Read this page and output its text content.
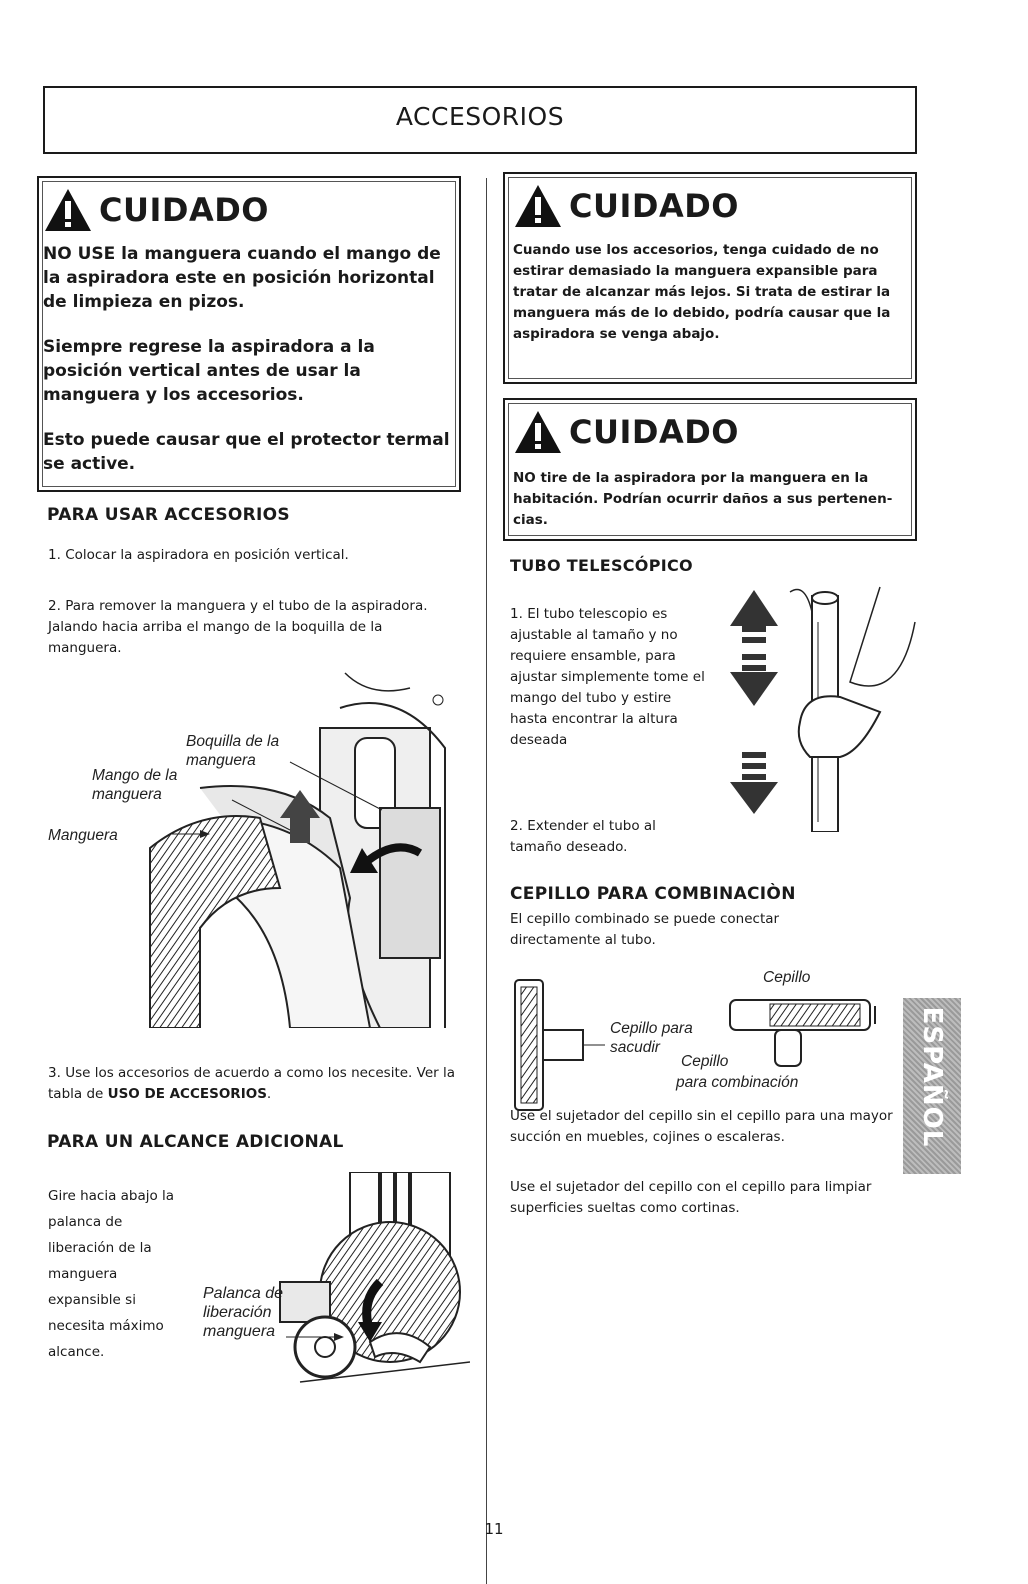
ACCESORIOS
CUIDADO

NO USE la manguera cuando el mango de la aspiradora este en posición horizontal de limpieza en pizos.

Siempre regrese la aspiradora a la posición vertical antes de usar la manguera y los accesorios.

Esto puede causar que el protector termal se active.

PARA USAR ACCESORIOS
1. Colocar la aspiradora en posición vertical.
2. Para remover la manguera y el tubo de la aspiradora. Jalando hacia arriba el mango de la boquilla de la manguera.
Boquilla de la manguera
Mango de la manguera
Manguera
3. Use los accesorios de acuerdo a como los necesite. Ver la tabla de USO DE ACCESORIOS.
PARA UN ALCANCE ADICIONAL
Gire hacia abajo la palanca de liberación de la manguera expansible si necesita máximo alcance.
Palanca de liberación manguera
CUIDADO

Cuando use los accesorios, tenga cuidado de no estirar demasiado la manguera expansible para tratar de alcanzar más lejos. Si trata de estirar la manguera más de lo debido, podría causar que la aspiradora se venga abajo.

CUIDADO

NO tire de la aspiradora por la manguera en la habitación. Podrían ocurrir daños a sus pertenen-cias.

TUBO TELESCÓPICO
1. El tubo telescopio es ajustable al tamaño y no requiere ensamble, para ajustar simplemente tome el mango del tubo y estire hasta encontrar la altura deseada
2. Extender el tubo al tamaño deseado.
CEPILLO PARA COMBINACIÒN
El cepillo combinado se puede conectar directamente al tubo.
Cepillo
Cepillo para sacudir
Cepillo
para combinación
Use el sujetador del cepillo sin el cepillo para una mayor succión en muebles, cojines o escaleras.
Use el sujetador del cepillo con el cepillo para limpiar superficies sueltas como cortinas.
ESPAÑOL
11
